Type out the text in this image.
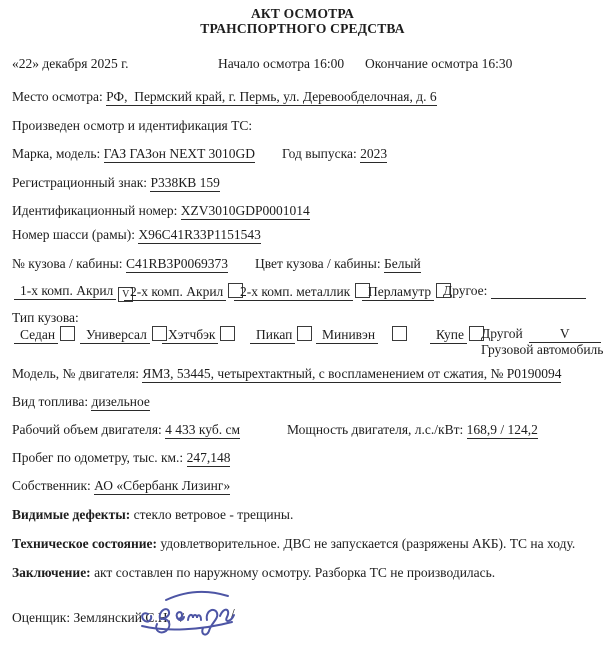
АКТ ОСМОТРА
ТРАНСПОРТНОГО СРЕДСТВА
«22» декабря 2025 г.	Начало осмотра 16:00 Окончание осмотра 16:30
Место осмотра: РФ,  Пермский край, г. Пермь, ул. Деревообделочная, д. 6
Произведен осмотр и идентификация ТС:
Марка, модель: ГАЗ ГАЗон NEXT 3010GD Год выпуска: 2023
Регистрационный знак: Р338КВ 159
Идентификационный номер: XZV3010GDP0001014
Номер шасси (рамы): X96C41R33P1151543
№ кузова / кабины: C41RB3P0069373 Цвет кузова / кабины: Белый
1-х комп. Акрил V 2-х комп. Акрил	2-х комп. металлик	Перламутр Другое:
Тип кузова:
Седан	Универсал	Хэтчбэк	Пикап	Минивэн	Купе	Другой	V
Грузовой автомобиль
Модель, № двигателя: ЯМЗ, 53445, четырехтактный, с воспламенением от сжатия, № Р0190094
Вид топлива: дизельное
Рабочий объем двигателя: 4 433 куб. см	Мощность двигателя, л.с./кВт: 168,9 / 124,2
Пробег по одометру, тыс. км.: 247,148
Собственник: АО «Сбербанк Лизинг»
Видимые дефекты: стекло ветровое - трещины.
Техническое состояние: удовлетворительное. ДВС не запускается (разряжены АКБ). ТС на ходу.
Заключение: акт составлен по наружному осмотру. Разборка ТС не производилась.
Оценщик: Землянский С.Н. /	/
